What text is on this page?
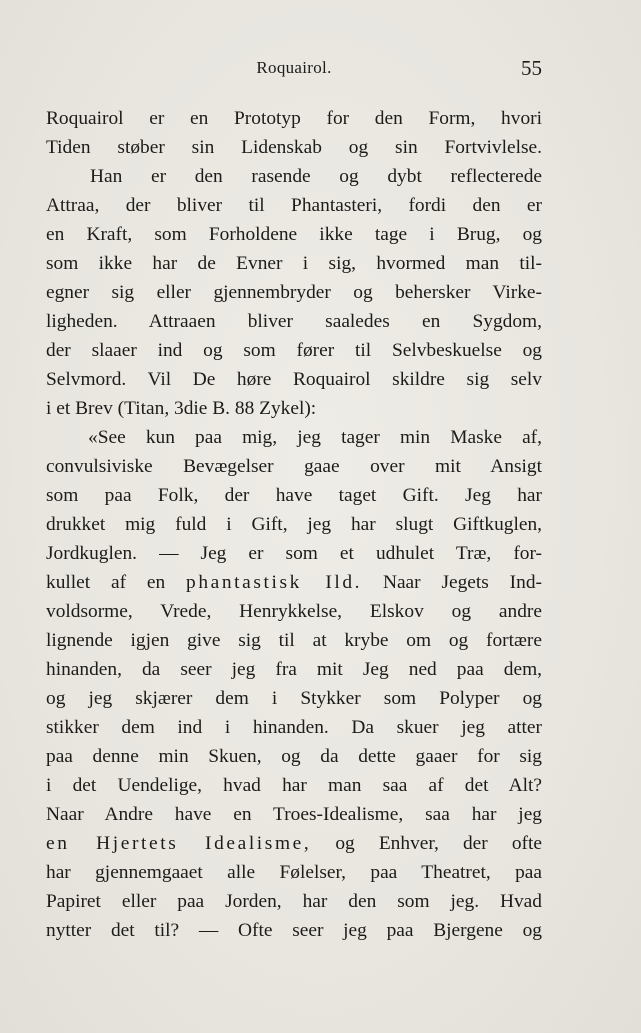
Roquairol.	55
Roquairol er en Prototyp for den Form, hvori
Tiden støber sin Lidenskab og sin Fortvivlelse.
Han er den rasende og dybt reflecterede
Attraa, der bliver til Phantasteri, fordi den er
en Kraft, som Forholdene ikke tage i Brug, og
som ikke har de Evner i sig, hvormed man til-
egner sig eller gjennembryder og behersker Virke-
ligheden. Attraaen bliver saaledes en Sygdom,
der slaaer ind og som fører til Selvbeskuelse og
Selvmord. Vil De høre Roquairol skildre sig selv
i et Brev (Titan, 3die B. 88 Zykel):
«See kun paa mig, jeg tager min Maske af,
convulsiviske Bevægelser gaae over mit Ansigt
som paa Folk, der have taget Gift. Jeg har
drukket mig fuld i Gift, jeg har slugt Giftkuglen,
Jordkuglen. — Jeg er som et udhulet Træ, for-
kullet af en phantastisk Ild. Naar Jegets Ind-
voldsorme, Vrede, Henrykkelse, Elskov og andre
lignende igjen give sig til at krybe om og fortære
hinanden, da seer jeg fra mit Jeg ned paa dem,
og jeg skjærer dem i Stykker som Polyper og
stikker dem ind i hinanden. Da skuer jeg atter
paa denne min Skuen, og da dette gaaer for sig
i det Uendelige, hvad har man saa af det Alt?
Naar Andre have en Troes-Idealisme, saa har jeg
en Hjertets Idealisme, og Enhver, der ofte
har gjennemgaaet alle Følelser, paa Theatret, paa
Papiret eller paa Jorden, har den som jeg. Hvad
nytter det til? — Ofte seer jeg paa Bjergene og
